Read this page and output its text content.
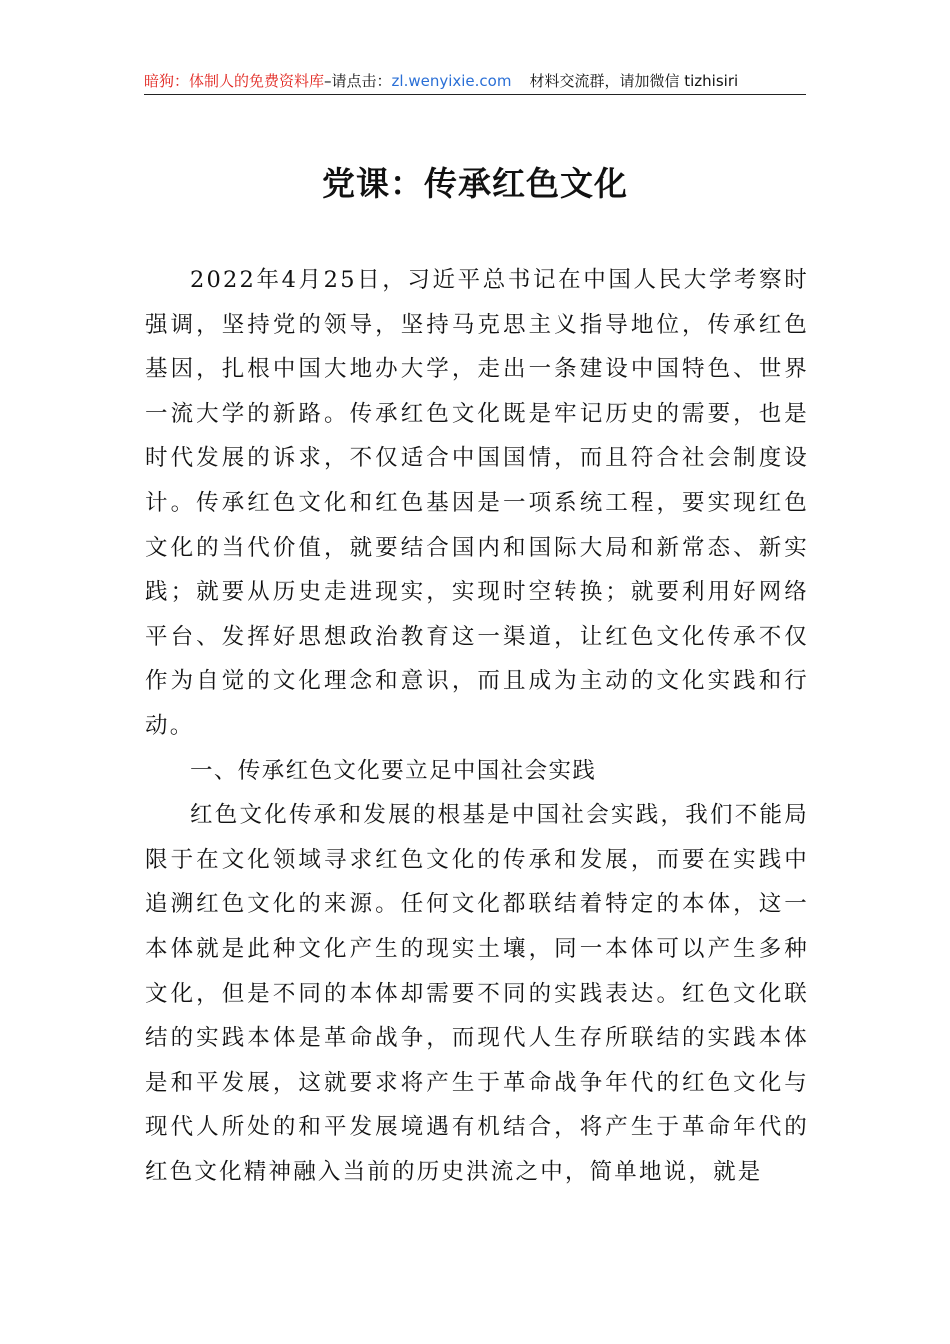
暗狗：体制人的免费资料库–请点击：zl.wenyixie.com 材料交流群，请加微信 tizhisiri
党课：传承红色文化

2022年4月25日，习近平总书记在中国人民大学考察时强调，坚持党的领导，坚持马克思主义指导地位，传承红色基因，扎根中国大地办大学，走出一条建设中国特色、世界一流大学的新路。传承红色文化既是牢记历史的需要，也是时代发展的诉求，不仅适合中国国情，而且符合社会制度设计。传承红色文化和红色基因是一项系统工程，要实现红色文化的当代价值，就要结合国内和国际大局和新常态、新实践；就要从历史走进现实，实现时空转换；就要利用好网络平台、发挥好思想政治教育这一渠道，让红色文化传承不仅作为自觉的文化理念和意识，而且成为主动的文化实践和行动。

一、传承红色文化要立足中国社会实践

红色文化传承和发展的根基是中国社会实践，我们不能局限于在文化领域寻求红色文化的传承和发展，而要在实践中追溯红色文化的来源。任何文化都联结着特定的本体，这一本体就是此种文化产生的现实土壤，同一本体可以产生多种文化，但是不同的本体却需要不同的实践表达。红色文化联结的实践本体是革命战争，而现代人生存所联结的实践本体是和平发展，这就要求将产生于革命战争年代的红色文化与现代人所处的和平发展境遇有机结合，将产生于革命年代的红色文化精神融入当前的历史洪流之中，简单地说，就是
